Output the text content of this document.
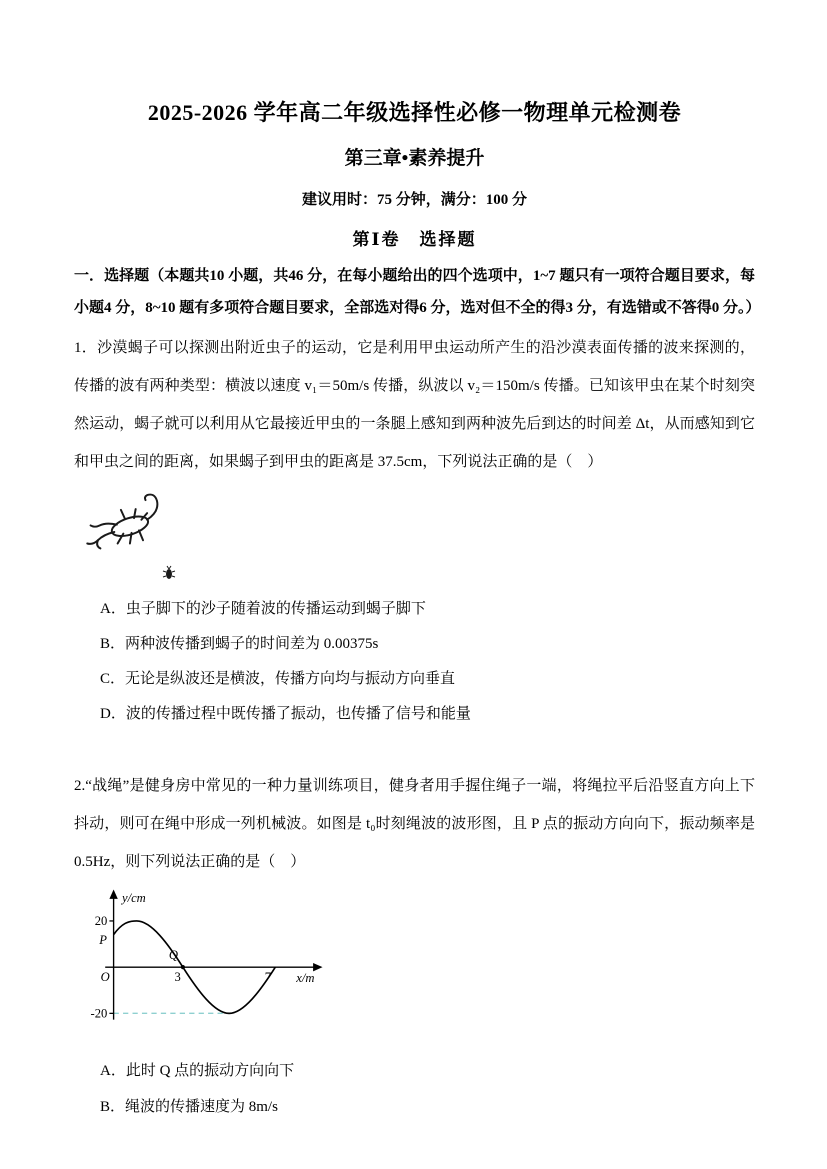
2025-2026 学年高二年级选择性必修一物理单元检测卷
第三章•素养提升
建议用时：75 分钟，满分：100 分
第Ⅰ卷　选择题

一．选择题（本题共10 小题，共46 分，在每小题给出的四个选项中，1~7 题只有一项符合题目要求，每小题4 分，8~10 题有多项符合题目要求，全部选对得6 分，选对但不全的得3 分，有选错或不答得0 分。）

1．沙漠蝎子可以探测出附近虫子的运动，它是利用甲虫运动所产生的沿沙漠表面传播的波来探测的，传播的波有两种类型：横波以速度 v₁＝50m/s 传播，纵波以 v₂＝150m/s 传播。已知该甲虫在某个时刻突然运动，蝎子就可以利用从它最接近甲虫的一条腿上感知到两种波先后到达的时间差 Δt，从而感知到它和甲虫之间的距离，如果蝎子到甲虫的距离是 37.5cm，下列说法正确的是（　）

A．虫子脚下的沙子随着波的传播运动到蝎子脚下

B．两种波传播到蝎子的时间差为 0.00375s

C．无论是纵波还是横波，传播方向均与振动方向垂直

D．波的传播过程中既传播了振动，也传播了信号和能量

2.“战绳”是健身房中常见的一种力量训练项目，健身者用手握住绳子一端，将绳拉平后沿竖直方向上下抖动，则可在绳中形成一列机械波。如图是 t₀时刻绳波的波形图，且 P 点的振动方向向下，振动频率是 0.5Hz，则下列说法正确的是（　）

y/cm
20
P
O	3
Q
7 x/m
-20

A．此时 Q 点的振动方向向下

B．绳波的传播速度为 8m/s
